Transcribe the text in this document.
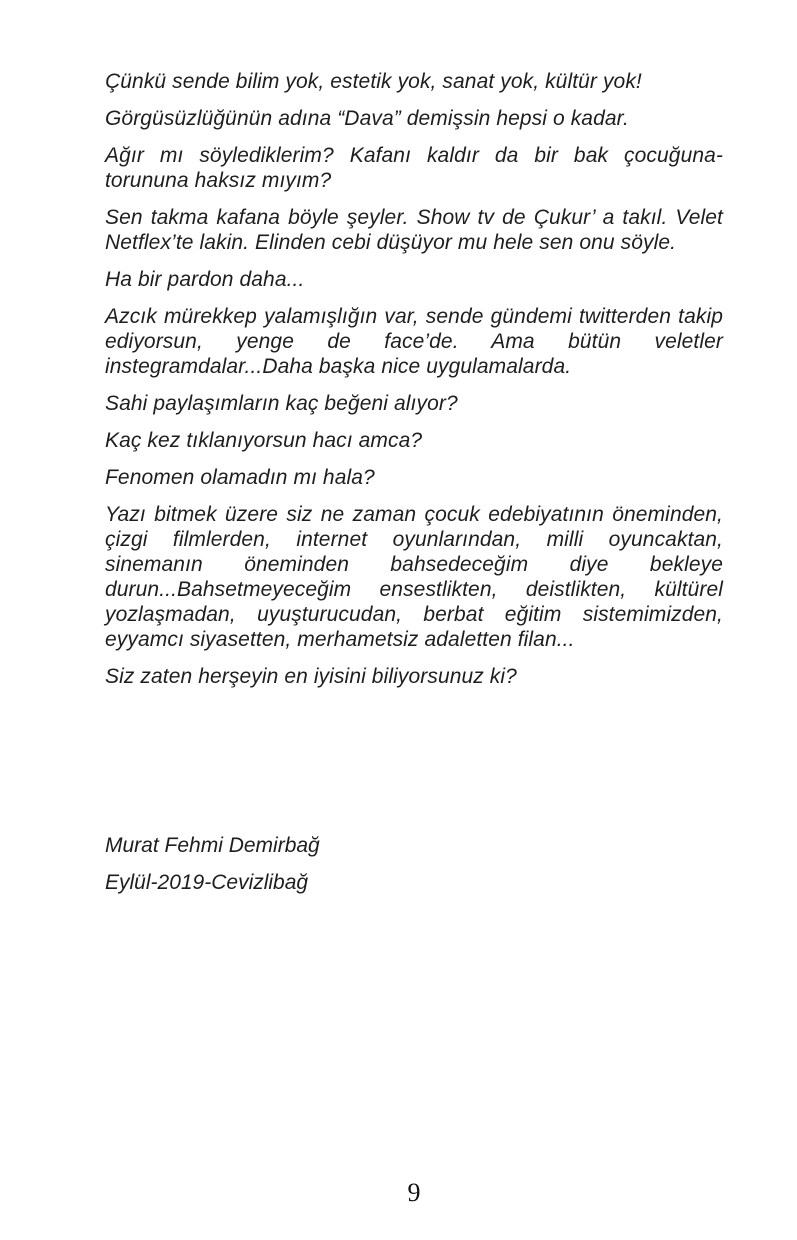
Çünkü sende bilim yok, estetik yok, sanat yok, kültür yok!

Görgüsüzlüğünün adına “Dava” demişsin hepsi o kadar.

Ağır mı söylediklerim? Kafanı kaldır da bir bak çocuğuna-torununa haksız mıyım?

Sen takma kafana böyle şeyler. Show tv de Çukur’ a takıl. Velet Netflex’te lakin. Elinden cebi düşüyor mu hele sen onu söyle.

Ha bir pardon daha...

Azcık mürekkep yalamışlığın var, sende gündemi twitterden takip ediyorsun, yenge de face’de. Ama bütün veletler instegramdalar...Daha başka nice uygulamalarda.

Sahi paylaşımların kaç beğeni alıyor?

Kaç kez tıklanıyorsun hacı amca?

Fenomen olamadın mı hala?

Yazı bitmek üzere siz ne zaman çocuk edebiyatının öneminden, çizgi filmlerden, internet oyunlarından, milli oyuncaktan, sinemanın öneminden bahsedeceğim diye bekleye durun...Bahsetmeyeceğim ensestlikten, deistlikten, kültürel yozlaşmadan, uyuşturucudan, berbat eğitim sistemimizden, eyyamcı siyasetten, merhametsiz adaletten filan...

Siz zaten herşeyin en iyisini biliyorsunuz ki?

Murat Fehmi Demirbağ

Eylül-2019-Cevizlibağ

9
